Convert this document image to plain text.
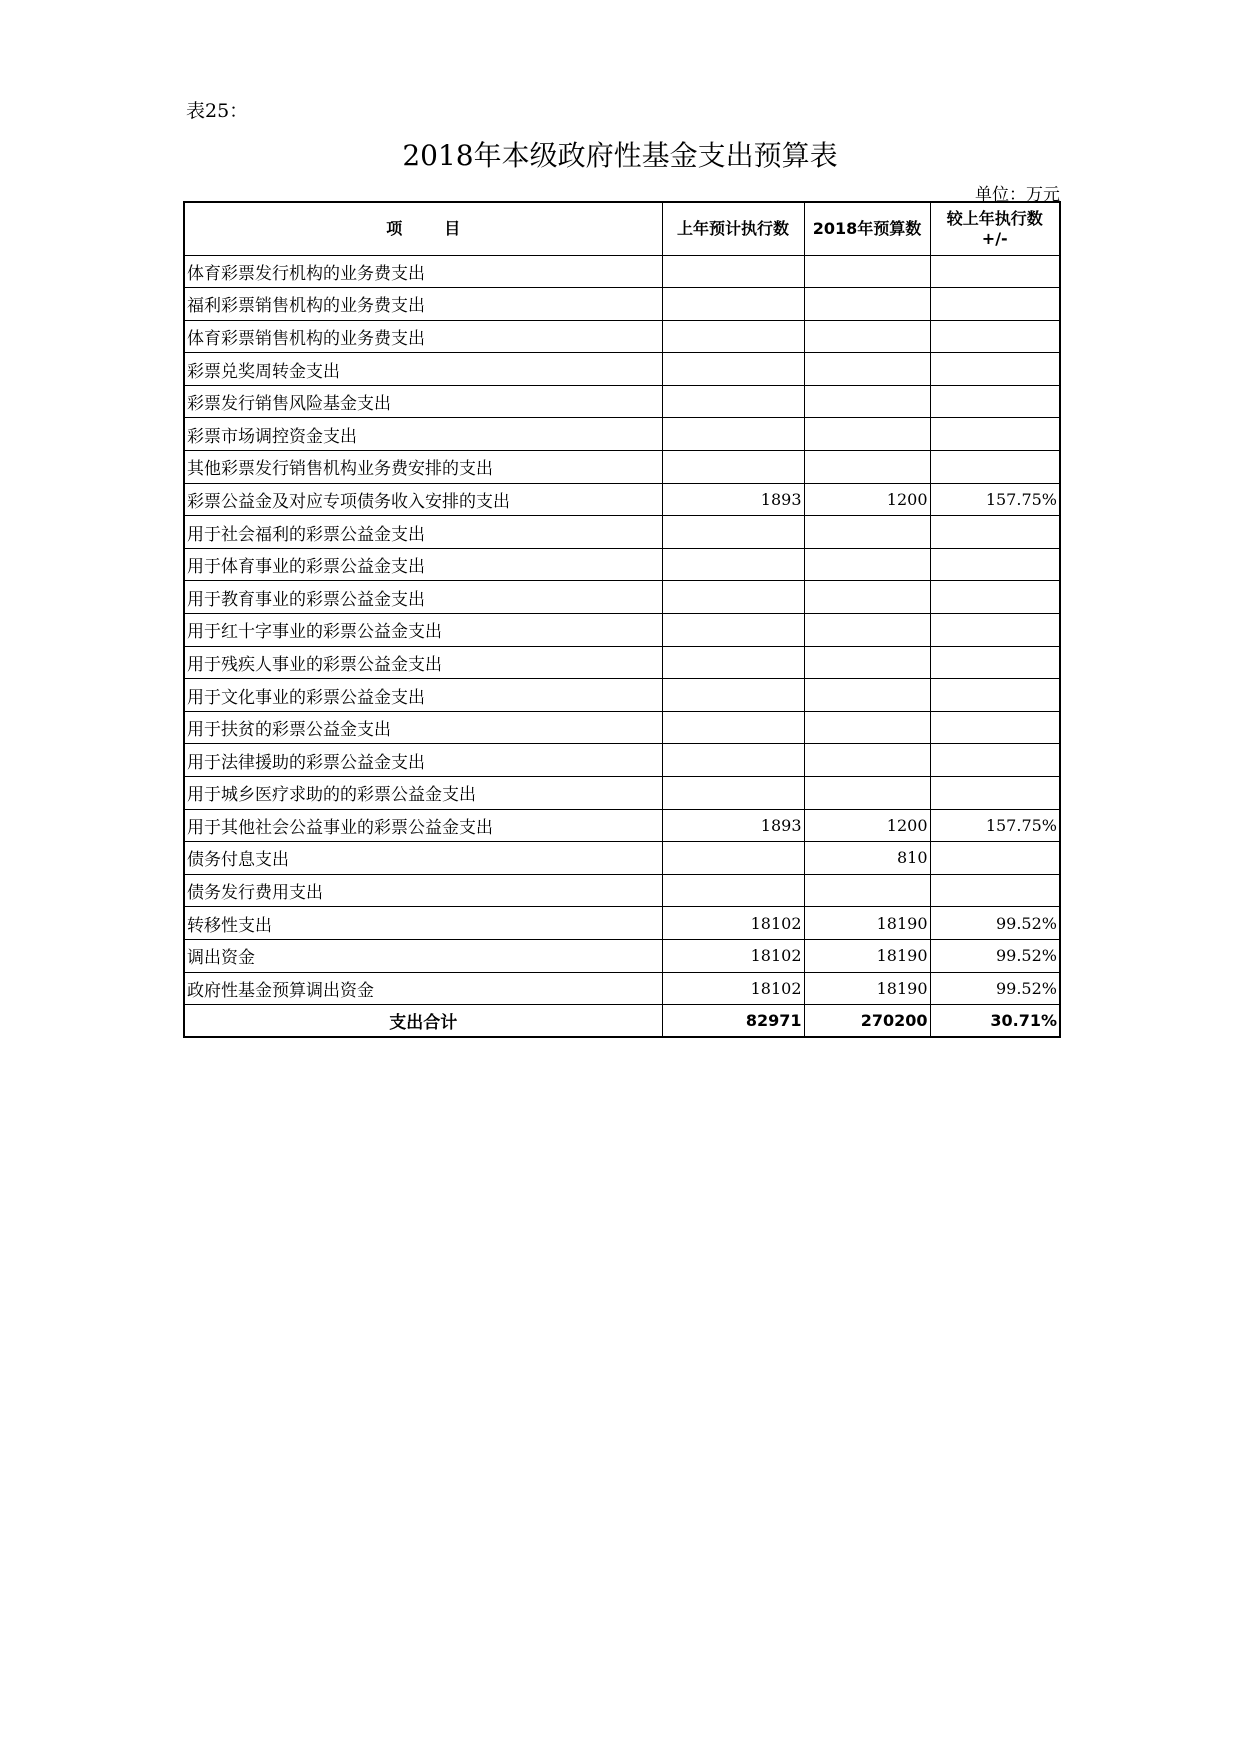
表25：
2018年本级政府性基金支出预算表
单位：万元
项 目	上年预计执行数	2018年预算数	较上年执行数
+/-
体育彩票发行机构的业务费支出			
福利彩票销售机构的业务费支出			
体育彩票销售机构的业务费支出			
彩票兑奖周转金支出			
彩票发行销售风险基金支出			
彩票市场调控资金支出			
其他彩票发行销售机构业务费安排的支出			
彩票公益金及对应专项债务收入安排的支出	1893	1200	157.75%
用于社会福利的彩票公益金支出			
用于体育事业的彩票公益金支出			
用于教育事业的彩票公益金支出			
用于红十字事业的彩票公益金支出			
用于残疾人事业的彩票公益金支出			
用于文化事业的彩票公益金支出			
用于扶贫的彩票公益金支出			
用于法律援助的彩票公益金支出			
用于城乡医疗求助的的彩票公益金支出			
用于其他社会公益事业的彩票公益金支出	1893	1200	157.75%
债务付息支出		810	
债务发行费用支出			
转移性支出	18102	18190	99.52%
调出资金	18102	18190	99.52%
政府性基金预算调出资金	18102	18190	99.52%
支出合计	82971	270200	30.71%
